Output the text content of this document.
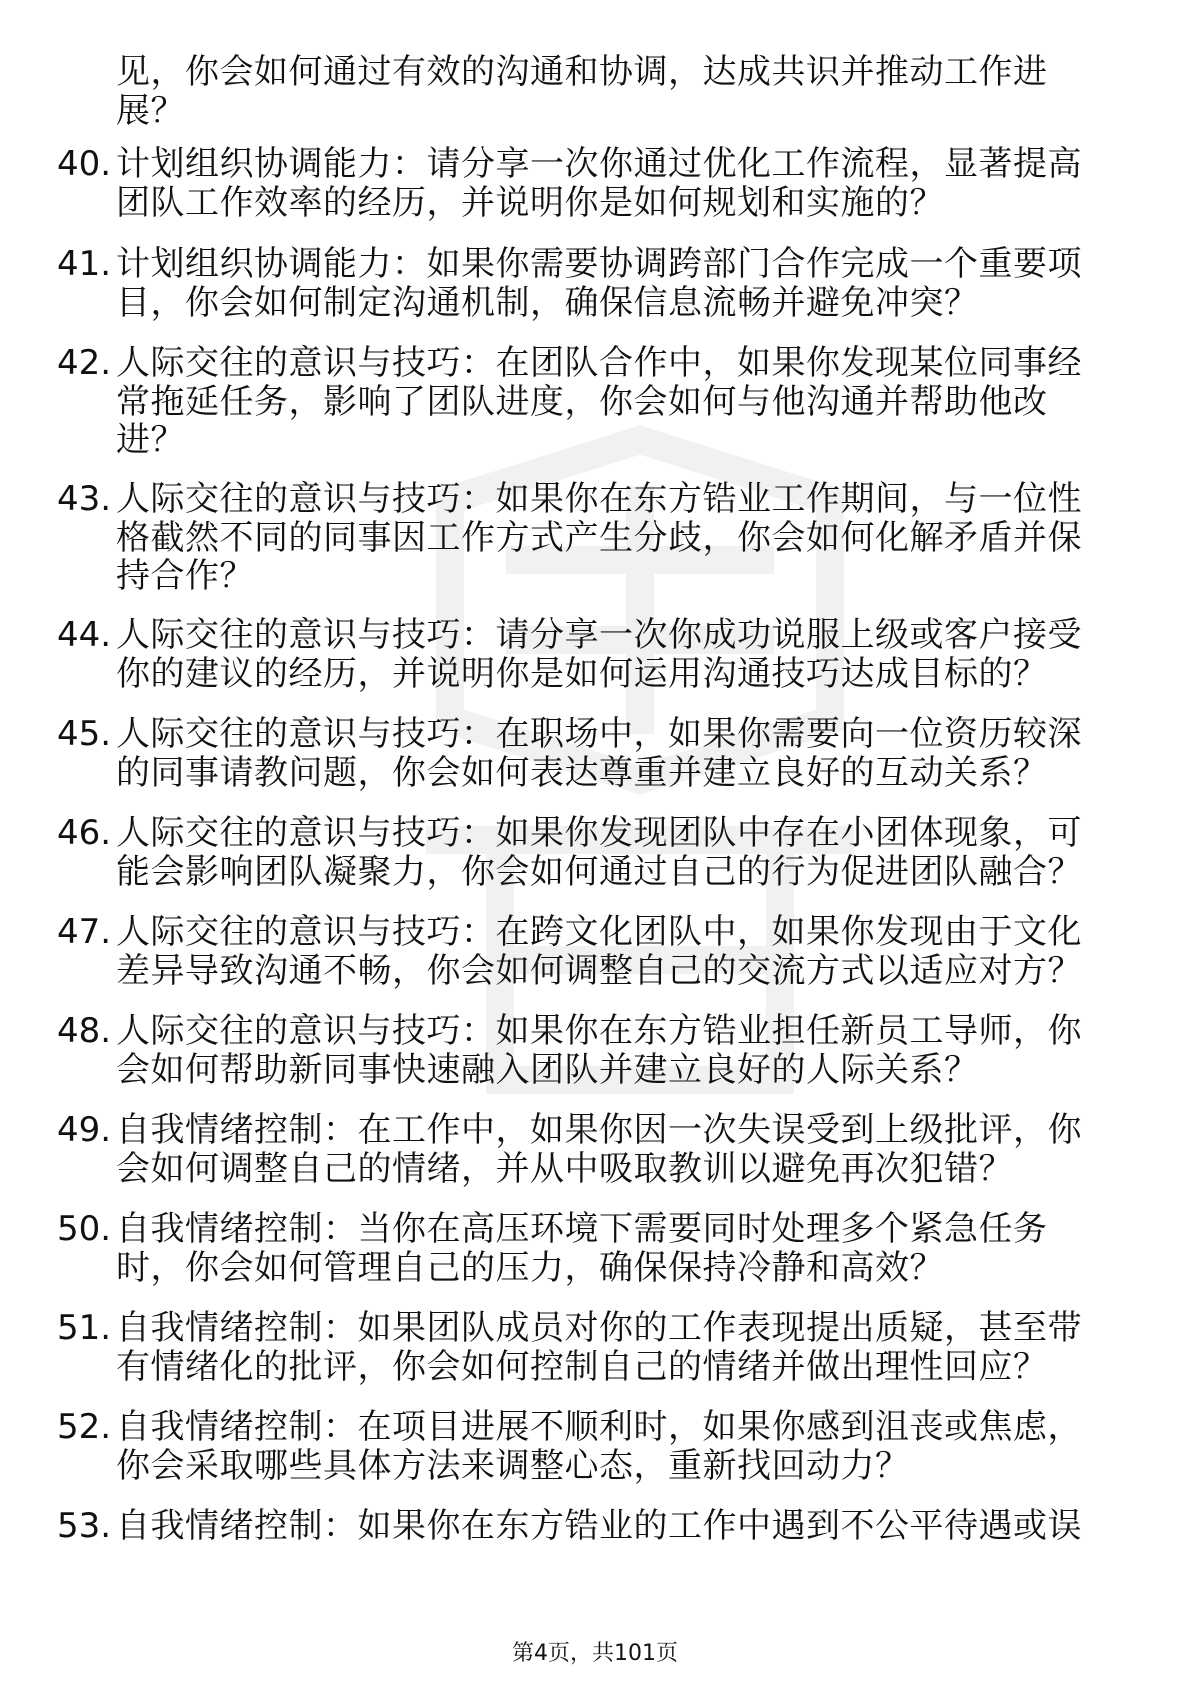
见，你会如何通过有效的沟通和协调，达成共识并推动工作进
展？
40. 计划组织协调能力：请分享一次你通过优化工作流程，显著提高
团队工作效率的经历，并说明你是如何规划和实施的？
41. 计划组织协调能力：如果你需要协调跨部门合作完成一个重要项
目，你会如何制定沟通机制，确保信息流畅并避免冲突？
42. 人际交往的意识与技巧：在团队合作中，如果你发现某位同事经
常拖延任务，影响了团队进度，你会如何与他沟通并帮助他改
进？
43. 人际交往的意识与技巧：如果你在东方锆业工作期间，与一位性
格截然不同的同事因工作方式产生分歧，你会如何化解矛盾并保
持合作？
44. 人际交往的意识与技巧：请分享一次你成功说服上级或客户接受
你的建议的经历，并说明你是如何运用沟通技巧达成目标的？
45. 人际交往的意识与技巧：在职场中，如果你需要向一位资历较深
的同事请教问题，你会如何表达尊重并建立良好的互动关系？
46. 人际交往的意识与技巧：如果你发现团队中存在小团体现象，可
能会影响团队凝聚力，你会如何通过自己的行为促进团队融合？
47. 人际交往的意识与技巧：在跨文化团队中，如果你发现由于文化
差异导致沟通不畅，你会如何调整自己的交流方式以适应对方？
48. 人际交往的意识与技巧：如果你在东方锆业担任新员工导师，你
会如何帮助新同事快速融入团队并建立良好的人际关系？
49. 自我情绪控制：在工作中，如果你因一次失误受到上级批评，你
会如何调整自己的情绪，并从中吸取教训以避免再次犯错？
50. 自我情绪控制：当你在高压环境下需要同时处理多个紧急任务
时，你会如何管理自己的压力，确保保持冷静和高效？
51. 自我情绪控制：如果团队成员对你的工作表现提出质疑，甚至带
有情绪化的批评，你会如何控制自己的情绪并做出理性回应？
52. 自我情绪控制：在项目进展不顺利时，如果你感到沮丧或焦虑，
你会采取哪些具体方法来调整心态，重新找回动力？
53. 自我情绪控制：如果你在东方锆业的工作中遇到不公平待遇或误
第4页，共101页
